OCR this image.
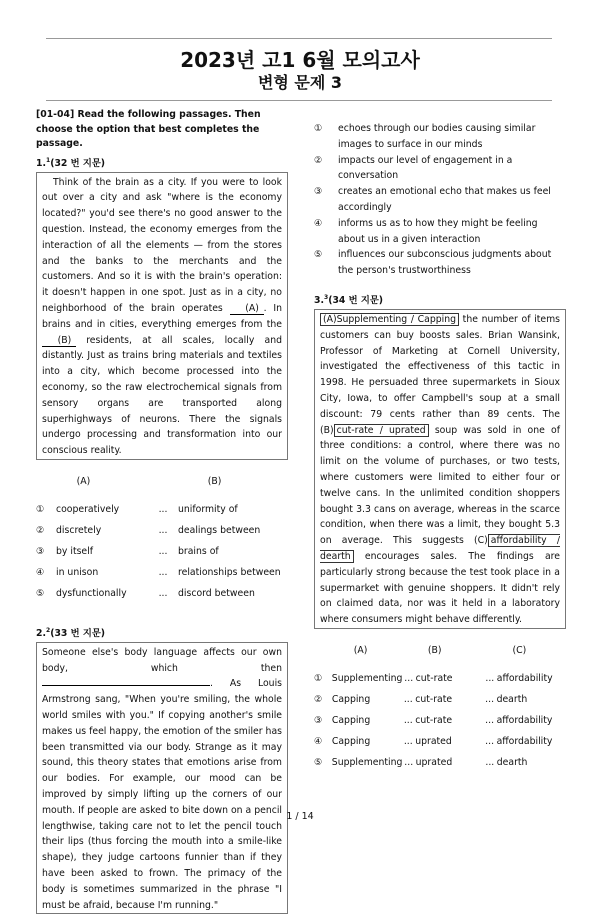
2023년 고1 6월 모의고사
변형 문제 3

[01-04] Read the following passages. Then choose the option that best completes the passage.

1.$^1$(32 번 지문)

Think of the brain as a city. If you were to look out over a city and ask "where is the economy located?" you'd see there's no good answer to the question. Instead, the economy emerges from the interaction of all the elements — from the stores and the banks to the merchants and the customers. And so it is with the brain's operation: it doesn't happen in one spot. Just as in a city, no neighborhood of the brain operates (A) . In brains and in cities, everything emerges from the (B) residents, at all scales, locally and distantly. Just as trains bring materials and textiles into a city, which become processed into the economy, so the raw electrochemical signals from sensory organs are transported along superhighways of neurons. There the signals undergo processing and transformation into our conscious reality.

(A)	(B)
①	cooperatively	...	uniformity of
②	discretely	...	dealings between
③	by itself	...	brains of
④	in unison	...	relationships between
⑤	dysfunctionally	...	discord between

2.$^2$(33 번 지문)

Someone else's body language affects our own body, which then . As Louis Armstrong sang, "When you're smiling, the whole world smiles with you." If copying another's smile makes us feel happy, the emotion of the smiler has been transmitted via our body. Strange as it may sound, this theory states that emotions arise from our bodies. For example, our mood can be improved by simply lifting up the corners of our mouth. If people are asked to bite down on a pencil lengthwise, taking care not to let the pencil touch their lips (thus forcing the mouth into a smile-like shape), they judge cartoons funnier than if they have been asked to frown. The primacy of the body is sometimes summarized in the phrase "I must be afraid, because I'm running."

①	echoes through our bodies causing similar images to surface in our minds
②	impacts our level of engagement in a conversation
③	creates an emotional echo that makes us feel accordingly
④	informs us as to how they might be feeling about us in a given interaction
⑤	influences our subconscious judgments about the person's trustworthiness

3.$^3$(34 번 지문)

(A)Supplementing / Capping the number of items customers can buy boosts sales. Brian Wansink, Professor of Marketing at Cornell University, investigated the effectiveness of this tactic in 1998. He persuaded three supermarkets in Sioux City, Iowa, to offer Campbell's soup at a small discount: 79 cents rather than 89 cents. The (B) cut-rate / uprated soup was sold in one of three conditions: a control, where there was no limit on the volume of purchases, or two tests, where customers were limited to either four or twelve cans. In the unlimited condition shoppers bought 3.3 cans on average, whereas in the scarce condition, when there was a limit, they bought 5.3 on average. This suggests (C) affordability / dearth encourages sales. The findings are particularly strong because the test took place in a supermarket with genuine shoppers. It didn't rely on claimed data, nor was it held in a laboratory where consumers might behave differently.

(A)	(B)	(C)
①	Supplementing ... cut-rate	... affordability
②	Capping	... cut-rate	... dearth
③	Capping	... cut-rate	... affordability
④	Capping	... uprated	... affordability
⑤	Supplementing ... uprated	... dearth
1 / 14
